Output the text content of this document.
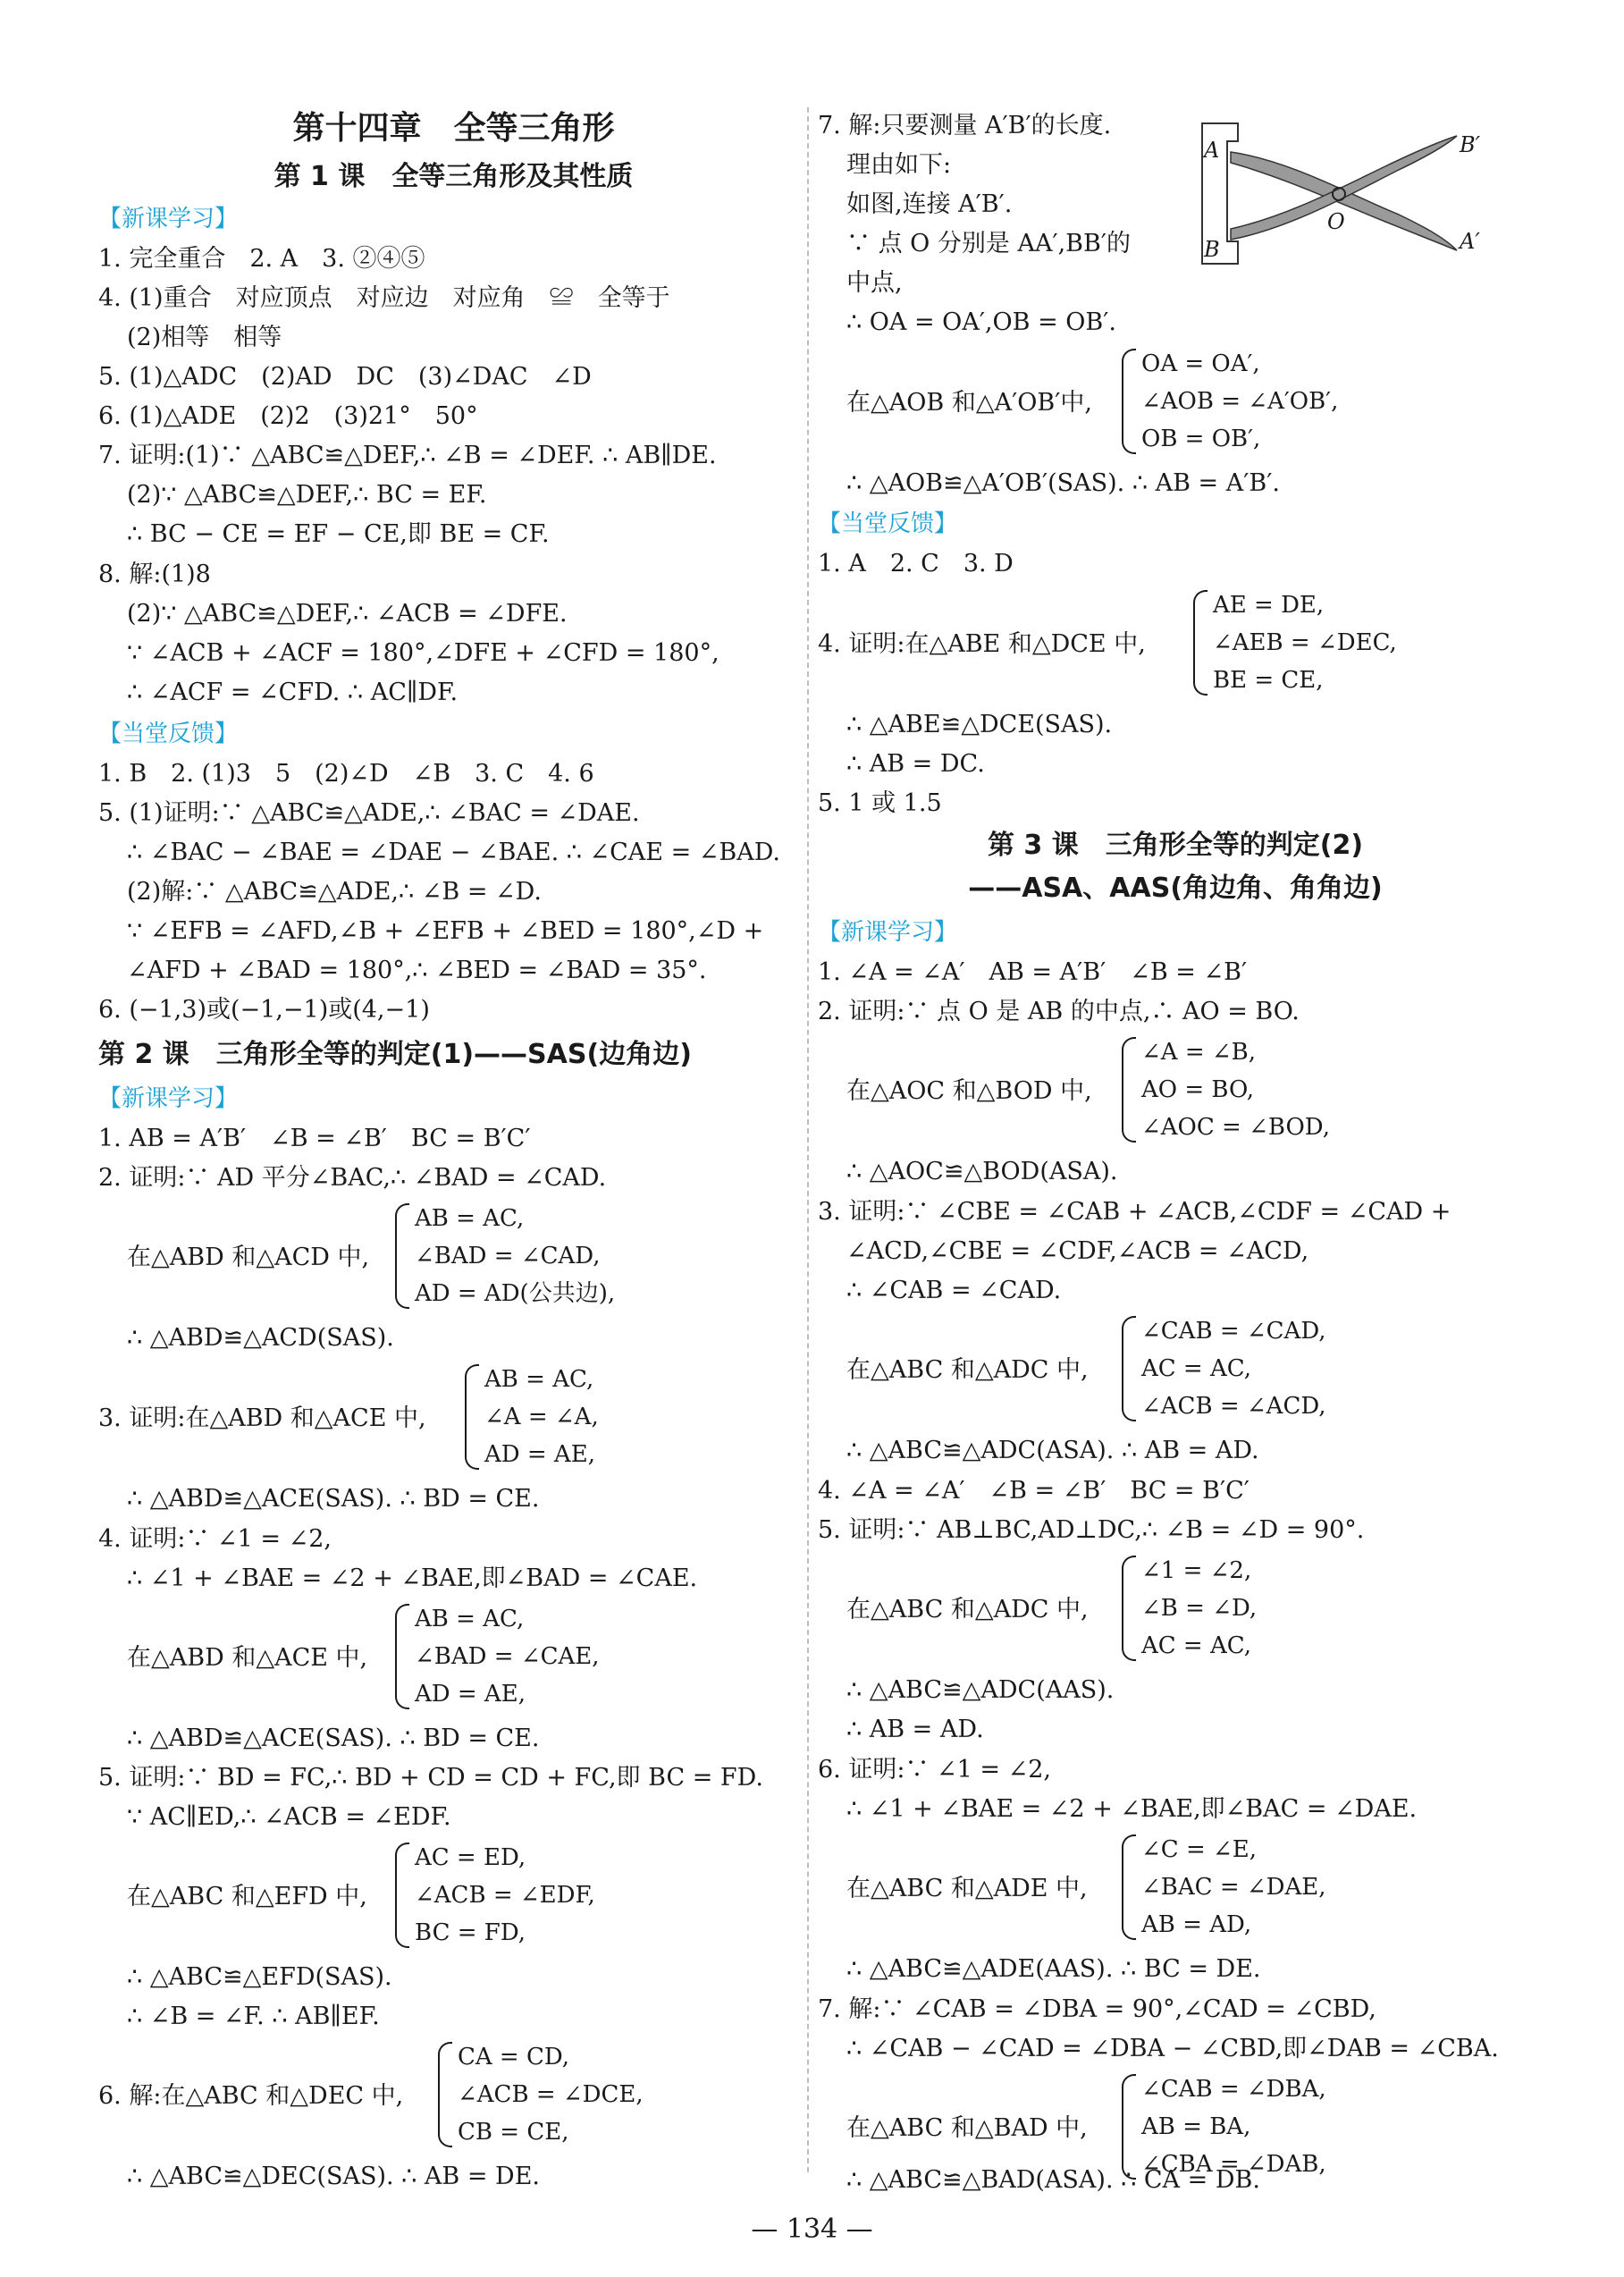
第十四章　全等三角形
第 1 课　全等三角形及其性质
【新课学习】
1. 完全重合　2. A　3. ②④⑤
4. (1)重合　对应顶点　对应边　对应角　≌　全等于
(2)相等　相等
5. (1)△ADC　(2)AD　DC　(3)∠DAC　∠D
6. (1)△ADE　(2)2　(3)21°　50°
7. 证明:(1)∵ △ABC≌△DEF,∴ ∠B = ∠DEF. ∴ AB∥DE.
(2)∵ △ABC≌△DEF,∴ BC = EF.
∴ BC − CE = EF − CE,即 BE = CF.
8. 解:(1)8
(2)∵ △ABC≌△DEF,∴ ∠ACB = ∠DFE.
∵ ∠ACB + ∠ACF = 180°,∠DFE + ∠CFD = 180°,
∴ ∠ACF = ∠CFD. ∴ AC∥DF.
【当堂反馈】
1. B　2. (1)3　5　(2)∠D　∠B　3. C　4. 6
5. (1)证明:∵ △ABC≌△ADE,∴ ∠BAC = ∠DAE.
∴ ∠BAC − ∠BAE = ∠DAE − ∠BAE. ∴ ∠CAE = ∠BAD.
(2)解:∵ △ABC≌△ADE,∴ ∠B = ∠D.
∵ ∠EFB = ∠AFD,∠B + ∠EFB + ∠BED = 180°,∠D +
∠AFD + ∠BAD = 180°,∴ ∠BED = ∠BAD = 35°.
6. (−1,3)或(−1,−1)或(4,−1)
第 2 课　三角形全等的判定(1)——SAS(边角边)
【新课学习】
1. AB = A′B′　∠B = ∠B′　BC = B′C′
2. 证明:∵ AD 平分∠BAC,∴ ∠BAD = ∠CAD.
在△ABD 和△ACD 中,
AB = AC,
∠BAD = ∠CAD,
AD = AD(公共边),
∴ △ABD≌△ACD(SAS).
3. 证明:在△ABD 和△ACE 中,
AB = AC,
∠A = ∠A,
AD = AE,
∴ △ABD≌△ACE(SAS). ∴ BD = CE.
4. 证明:∵ ∠1 = ∠2,
∴ ∠1 + ∠BAE = ∠2 + ∠BAE,即∠BAD = ∠CAE.
在△ABD 和△ACE 中,
AB = AC,
∠BAD = ∠CAE,
AD = AE,
∴ △ABD≌△ACE(SAS). ∴ BD = CE.
5. 证明:∵ BD = FC,∴ BD + CD = CD + FC,即 BC = FD.
∵ AC∥ED,∴ ∠ACB = ∠EDF.
在△ABC 和△EFD 中,
AC = ED,
∠ACB = ∠EDF,
BC = FD,
∴ △ABC≌△EFD(SAS).
∴ ∠B = ∠F. ∴ AB∥EF.
6. 解:在△ABC 和△DEC 中,
CA = CD,
∠ACB = ∠DCE,
CB = CE,
∴ △ABC≌△DEC(SAS). ∴ AB = DE.
7. 解:只要测量 A′B′的长度.
理由如下:
如图,连接 A′B′.
∵ 点 O 分别是 AA′,BB′的
中点,
∴ OA = OA′,OB = OB′.
A
B
B′
A′
O
在△AOB 和△A′OB′中,
OA = OA′,
∠AOB = ∠A′OB′,
OB = OB′,
∴ △AOB≌△A′OB′(SAS). ∴ AB = A′B′.
【当堂反馈】
1. A　2. C　3. D
4. 证明:在△ABE 和△DCE 中,
AE = DE,
∠AEB = ∠DEC,
BE = CE,
∴ △ABE≌△DCE(SAS).
∴ AB = DC.
5. 1 或 1.5
第 3 课　三角形全等的判定(2)
——ASA、AAS(角边角、角角边)
【新课学习】
1. ∠A = ∠A′　AB = A′B′　∠B = ∠B′
2. 证明:∵ 点 O 是 AB 的中点,∴ AO = BO.
在△AOC 和△BOD 中,
∠A = ∠B,
AO = BO,
∠AOC = ∠BOD,
∴ △AOC≌△BOD(ASA).
3. 证明:∵ ∠CBE = ∠CAB + ∠ACB,∠CDF = ∠CAD +
∠ACD,∠CBE = ∠CDF,∠ACB = ∠ACD,
∴ ∠CAB = ∠CAD.
在△ABC 和△ADC 中,
∠CAB = ∠CAD,
AC = AC,
∠ACB = ∠ACD,
∴ △ABC≌△ADC(ASA). ∴ AB = AD.
4. ∠A = ∠A′　∠B = ∠B′　BC = B′C′
5. 证明:∵ AB⊥BC,AD⊥DC,∴ ∠B = ∠D = 90°.
在△ABC 和△ADC 中,
∠1 = ∠2,
∠B = ∠D,
AC = AC,
∴ △ABC≌△ADC(AAS).
∴ AB = AD.
6. 证明:∵ ∠1 = ∠2,
∴ ∠1 + ∠BAE = ∠2 + ∠BAE,即∠BAC = ∠DAE.
在△ABC 和△ADE 中,
∠C = ∠E,
∠BAC = ∠DAE,
AB = AD,
∴ △ABC≌△ADE(AAS). ∴ BC = DE.
7. 解:∵ ∠CAB = ∠DBA = 90°,∠CAD = ∠CBD,
∴ ∠CAB − ∠CAD = ∠DBA − ∠CBD,即∠DAB = ∠CBA.
在△ABC 和△BAD 中,
∠CAB = ∠DBA,
AB = BA,
∠CBA = ∠DAB,
∴ △ABC≌△BAD(ASA). ∴ CA = DB.
— 134 —
